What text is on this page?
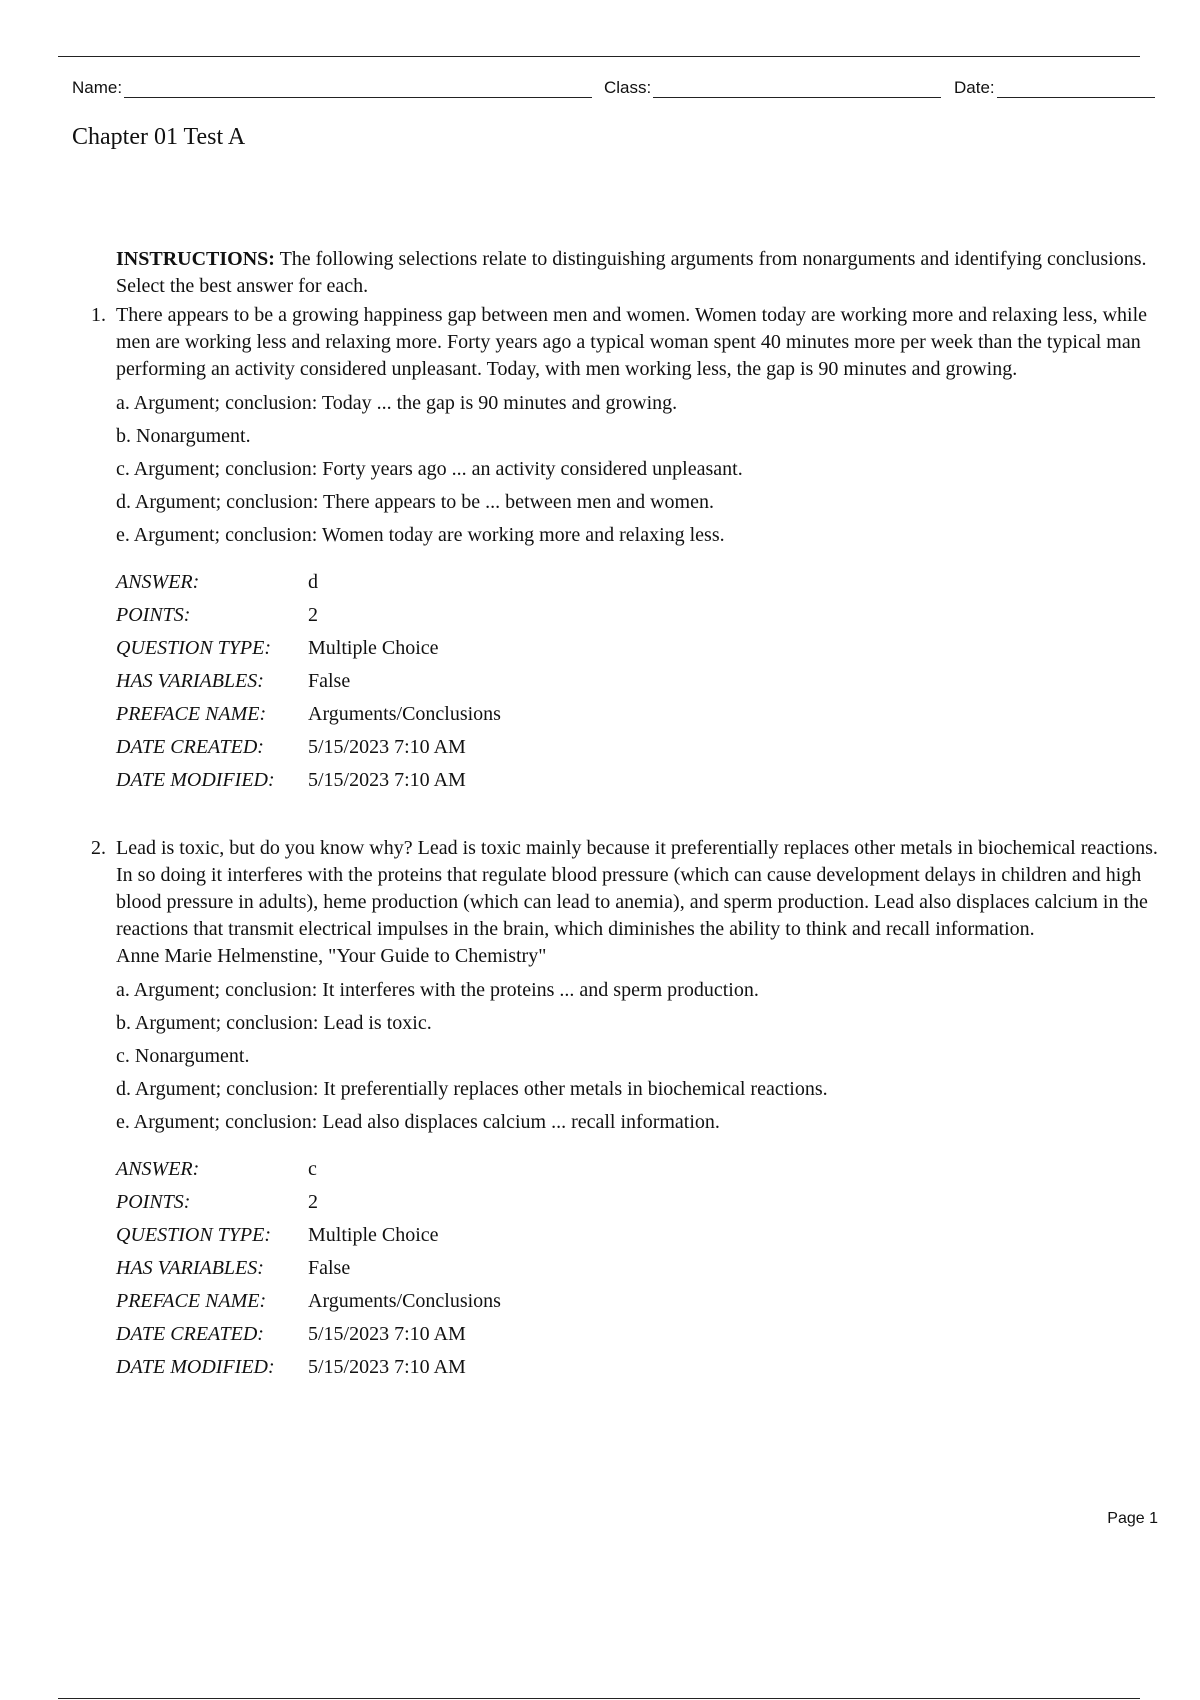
Name:	Class:	Date:
Chapter 01 Test A
INSTRUCTIONS: The following selections relate to distinguishing arguments from nonarguments and identifying conclusions. Select the best answer for each.
1. There appears to be a growing happiness gap between men and women. Women today are working more and relaxing less, while men are working less and relaxing more. Forty years ago a typical woman spent 40 minutes more per week than the typical man performing an activity considered unpleasant. Today, with men working less, the gap is 90 minutes and growing.
a. Argument; conclusion: Today ... the gap is 90 minutes and growing.
b. Nonargument.
c. Argument; conclusion: Forty years ago ... an activity considered unpleasant.
d. Argument; conclusion: There appears to be ... between men and women.
e. Argument; conclusion: Women today are working more and relaxing less.
ANSWER:	d
POINTS:	2
QUESTION TYPE:	Multiple Choice
HAS VARIABLES:	False
PREFACE NAME:	Arguments/Conclusions
DATE CREATED:	5/15/2023 7:10 AM
DATE MODIFIED:	5/15/2023 7:10 AM
2. Lead is toxic, but do you know why? Lead is toxic mainly because it preferentially replaces other metals in biochemical reactions. In so doing it interferes with the proteins that regulate blood pressure (which can cause development delays in children and high blood pressure in adults), heme production (which can lead to anemia), and sperm production. Lead also displaces calcium in the reactions that transmit electrical impulses in the brain, which diminishes the ability to think and recall information.
Anne Marie Helmenstine, "Your Guide to Chemistry"
a. Argument; conclusion: It interferes with the proteins ... and sperm production.
b. Argument; conclusion: Lead is toxic.
c. Nonargument.
d. Argument; conclusion: It preferentially replaces other metals in biochemical reactions.
e. Argument; conclusion: Lead also displaces calcium ... recall information.
ANSWER:	c
POINTS:	2
QUESTION TYPE:	Multiple Choice
HAS VARIABLES:	False
PREFACE NAME:	Arguments/Conclusions
DATE CREATED:	5/15/2023 7:10 AM
DATE MODIFIED:	5/15/2023 7:10 AM
Page 1
